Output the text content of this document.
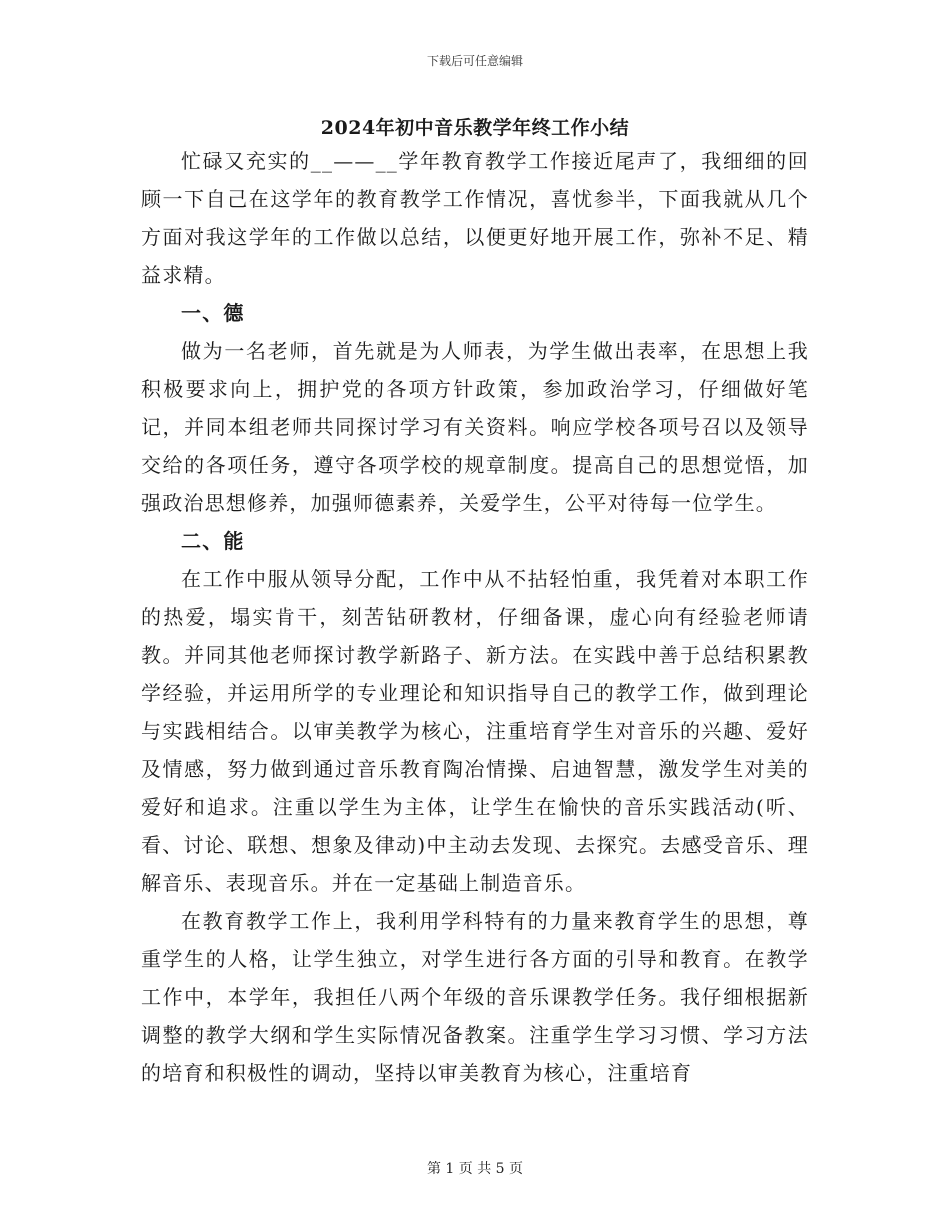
下载后可任意编辑
2024年初中音乐教学年终工作小结

忙碌又充实的__——__学年教育教学工作接近尾声了，我细细的回顾一下自己在这学年的教育教学工作情况，喜忧参半，下面我就从几个方面对我这学年的工作做以总结，以便更好地开展工作，弥补不足、精益求精。

一、德

做为一名老师，首先就是为人师表，为学生做出表率，在思想上我积极要求向上，拥护党的各项方针政策，参加政治学习，仔细做好笔记，并同本组老师共同探讨学习有关资料。响应学校各项号召以及领导交给的各项任务，遵守各项学校的规章制度。提高自己的思想觉悟，加强政治思想修养，加强师德素养，关爱学生，公平对待每一位学生。

二、能

在工作中服从领导分配，工作中从不拈轻怕重，我凭着对本职工作的热爱，塌实肯干，刻苦钻研教材，仔细备课，虚心向有经验老师请教。并同其他老师探讨教学新路子、新方法。在实践中善于总结积累教学经验，并运用所学的专业理论和知识指导自己的教学工作，做到理论与实践相结合。以审美教学为核心，注重培育学生对音乐的兴趣、爱好及情感，努力做到通过音乐教育陶冶情操、启迪智慧，激发学生对美的爱好和追求。注重以学生为主体，让学生在愉快的音乐实践活动(听、看、讨论、联想、想象及律动)中主动去发现、去探究。去感受音乐、理解音乐、表现音乐。并在一定基础上制造音乐。

在教育教学工作上，我利用学科特有的力量来教育学生的思想，尊重学生的人格，让学生独立，对学生进行各方面的引导和教育。在教学工作中，本学年，我担任八两个年级的音乐课教学任务。我仔细根据新调整的教学大纲和学生实际情况备教案。注重学生学习习惯、学习方法的培育和积极性的调动，坚持以审美教育为核心，注重培育

第 1 页 共 5 页
